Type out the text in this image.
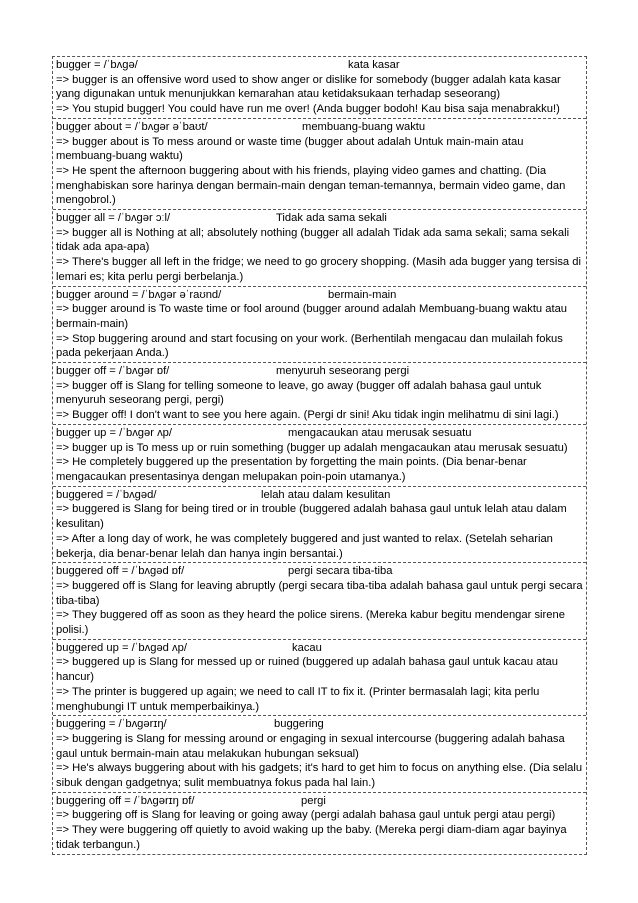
bugger = /ˈbʌɡə/	kata kasar
=> bugger is an offensive word used to show anger or dislike for somebody (bugger adalah kata kasar yang digunakan untuk menunjukkan kemarahan atau ketidaksukaan terhadap seseorang)
=> You stupid bugger! You could have run me over! (Anda bugger bodoh! Kau bisa saja menabrakku!)
bugger about = /ˈbʌɡər əˈbaʊt/	membuang-buang waktu
=> bugger about is To mess around or waste time (bugger about adalah Untuk main-main atau membuang-buang waktu)
=> He spent the afternoon buggering about with his friends, playing video games and chatting. (Dia menghabiskan sore harinya dengan bermain-main dengan teman-temannya, bermain video game, dan mengobrol.)
bugger all = /ˈbʌɡər ɔːl/	Tidak ada sama sekali
=> bugger all is Nothing at all; absolutely nothing (bugger all adalah Tidak ada sama sekali; sama sekali tidak ada apa-apa)
=> There's bugger all left in the fridge; we need to go grocery shopping. (Masih ada bugger yang tersisa di lemari es; kita perlu pergi berbelanja.)
bugger around = /ˈbʌɡər əˈraʊnd/	bermain-main
=> bugger around is To waste time or fool around (bugger around adalah Membuang-buang waktu atau bermain-main)
=> Stop buggering around and start focusing on your work. (Berhentilah mengacau dan mulailah fokus pada pekerjaan Anda.)
bugger off = /ˈbʌɡər ɒf/	menyuruh seseorang pergi
=> bugger off is Slang for telling someone to leave, go away (bugger off adalah bahasa gaul untuk menyuruh seseorang pergi, pergi)
=> Bugger off! I don't want to see you here again. (Pergi dr sini! Aku tidak ingin melihatmu di sini lagi.)
bugger up = /ˈbʌɡər ʌp/	mengacaukan atau merusak sesuatu
=> bugger up is To mess up or ruin something (bugger up adalah mengacaukan atau merusak sesuatu)
=> He completely buggered up the presentation by forgetting the main points. (Dia benar-benar mengacaukan presentasinya dengan melupakan poin-poin utamanya.)
buggered = /ˈbʌɡəd/	lelah atau dalam kesulitan
=> buggered is Slang for being tired or in trouble (buggered adalah bahasa gaul untuk lelah atau dalam kesulitan)
=> After a long day of work, he was completely buggered and just wanted to relax. (Setelah seharian bekerja, dia benar-benar lelah dan hanya ingin bersantai.)
buggered off = /ˈbʌɡəd ɒf/	pergi secara tiba-tiba
=> buggered off is Slang for leaving abruptly (pergi secara tiba-tiba adalah bahasa gaul untuk pergi secara tiba-tiba)
=> They buggered off as soon as they heard the police sirens. (Mereka kabur begitu mendengar sirene polisi.)
buggered up = /ˈbʌɡəd ʌp/	kacau
=> buggered up is Slang for messed up or ruined (buggered up adalah bahasa gaul untuk kacau atau hancur)
=> The printer is buggered up again; we need to call IT to fix it. (Printer bermasalah lagi; kita perlu menghubungi IT untuk memperbaikinya.)
buggering = /ˈbʌɡərɪŋ/	buggering
=> buggering is Slang for messing around or engaging in sexual intercourse (buggering adalah bahasa gaul untuk bermain-main atau melakukan hubungan seksual)
=> He's always buggering about with his gadgets; it's hard to get him to focus on anything else. (Dia selalu sibuk dengan gadgetnya; sulit membuatnya fokus pada hal lain.)
buggering off = /ˈbʌɡərɪŋ ɒf/	pergi
=> buggering off is Slang for leaving or going away (pergi adalah bahasa gaul untuk pergi atau pergi)
=> They were buggering off quietly to avoid waking up the baby. (Mereka pergi diam-diam agar bayinya tidak terbangun.)
